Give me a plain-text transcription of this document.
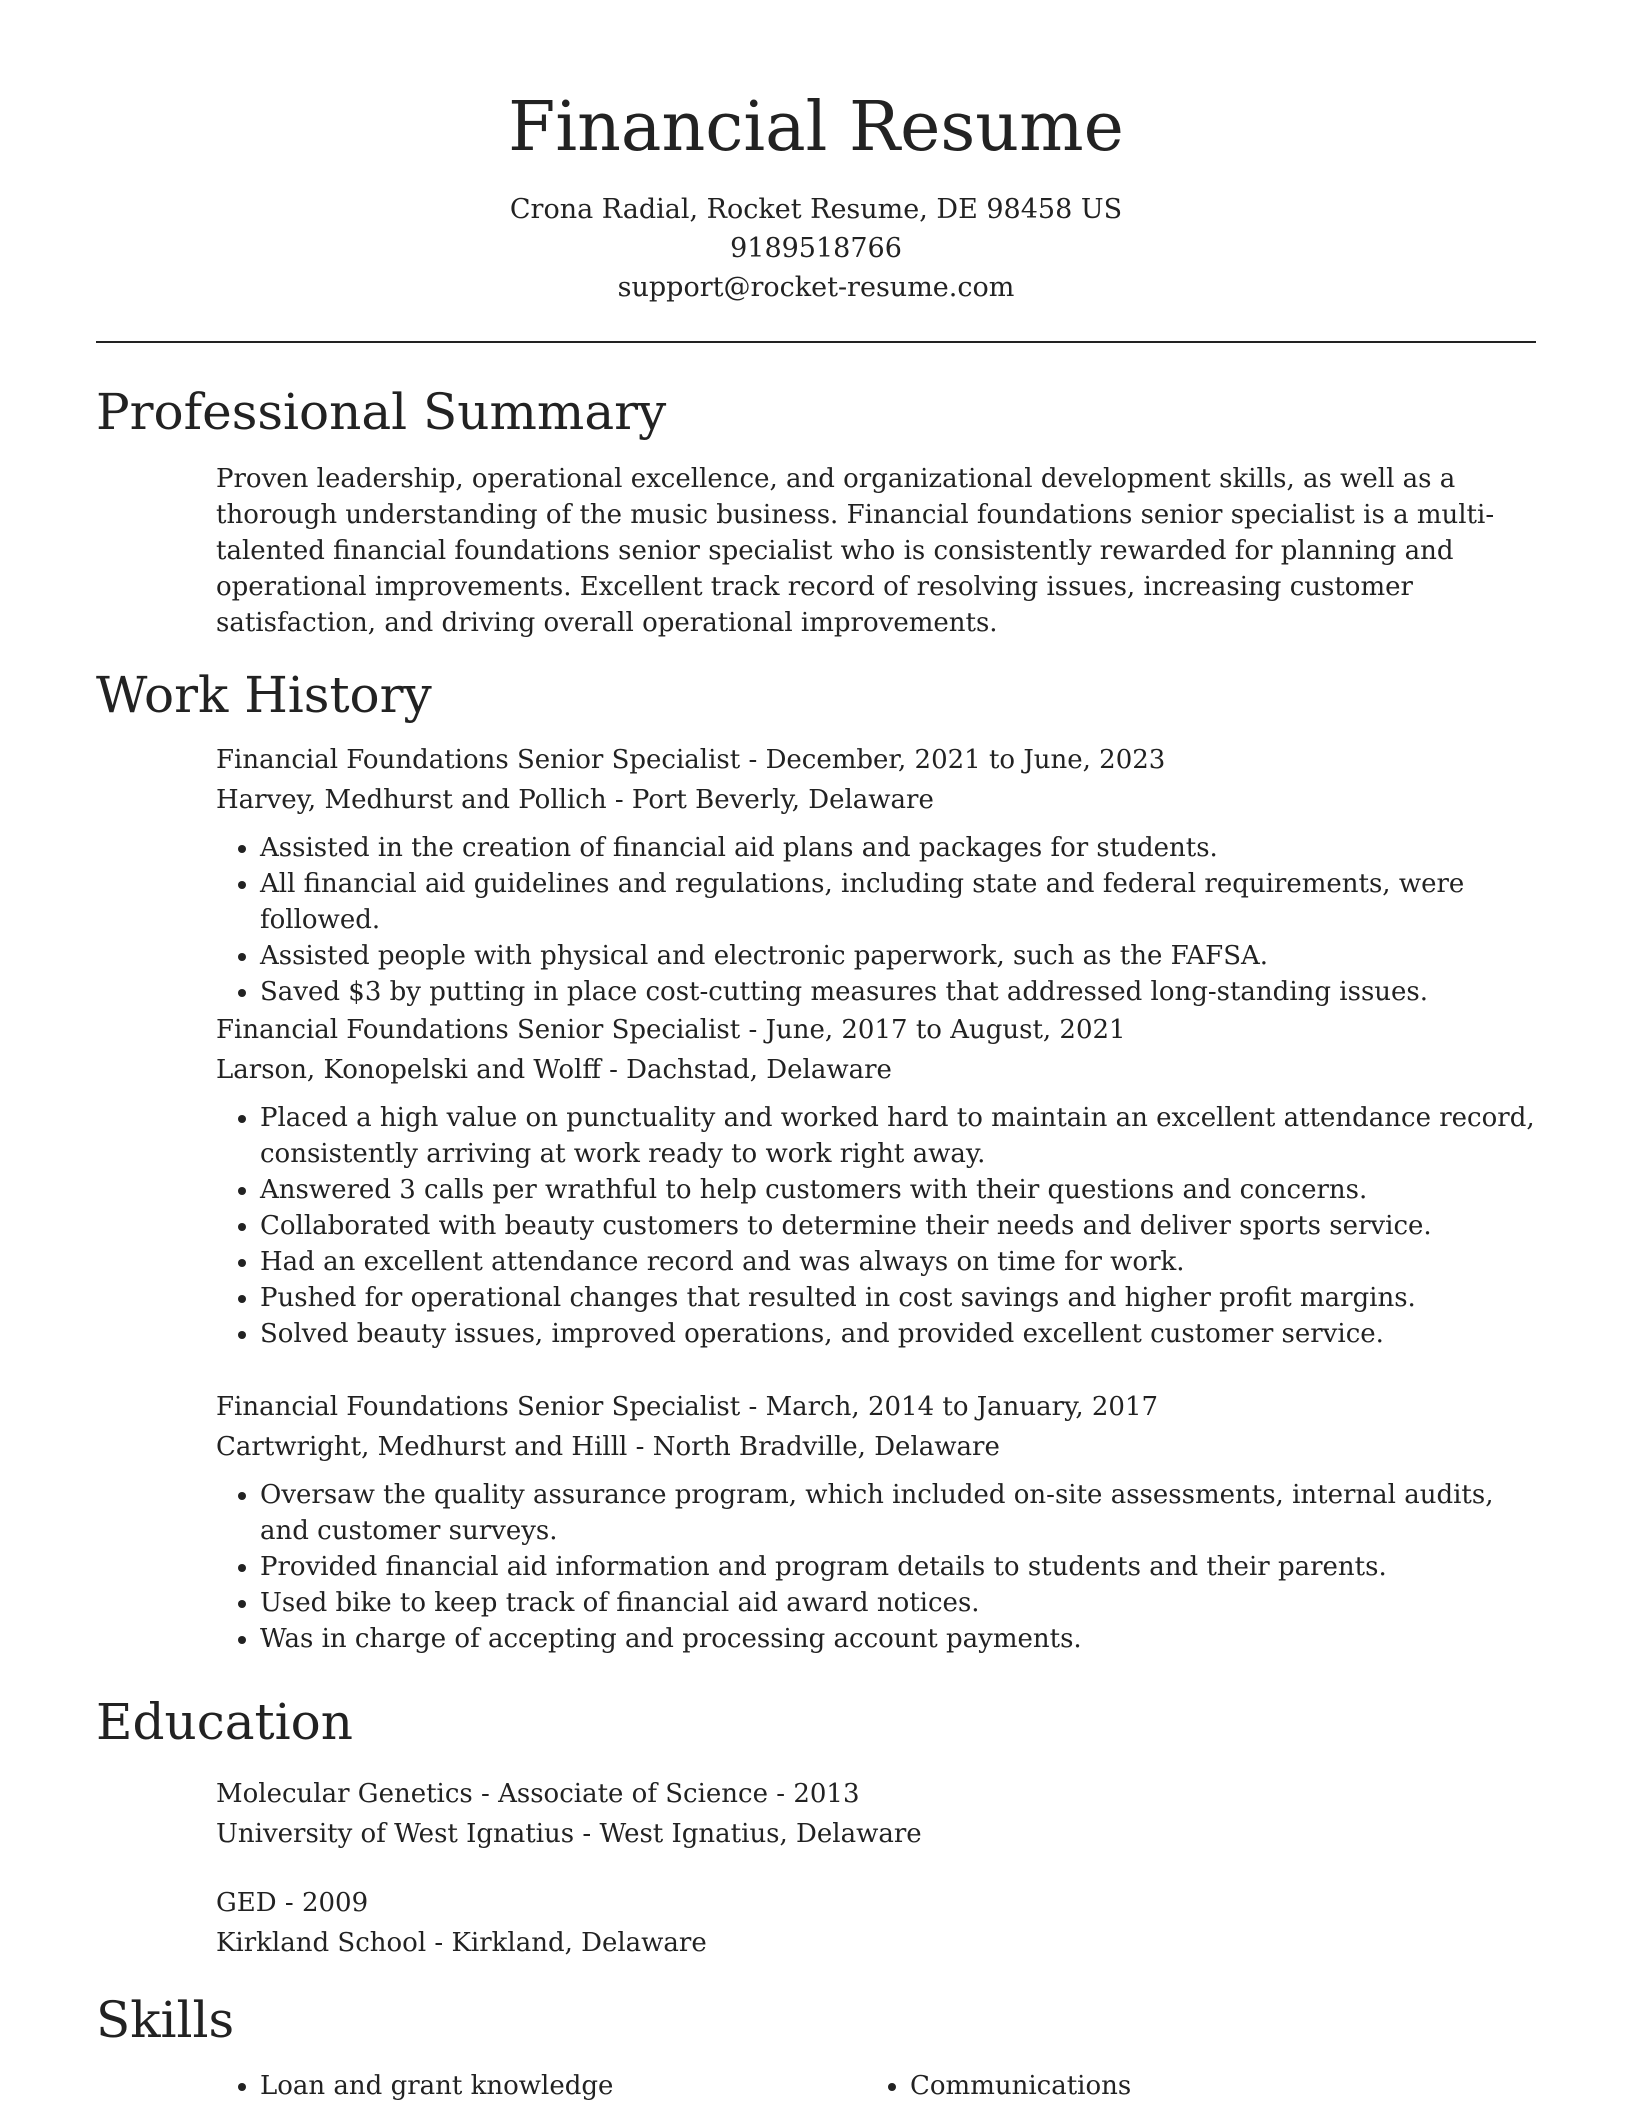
Financial Resume
Crona Radial, Rocket Resume, DE 98458 US
9189518766
support@rocket-resume.com
Professional Summary
Proven leadership, operational excellence, and organizational development skills, as well as a thorough understanding of the music business. Financial foundations senior specialist is a multi-talented financial foundations senior specialist who is consistently rewarded for planning and operational improvements. Excellent track record of resolving issues, increasing customer satisfaction, and driving overall operational improvements.
Work History
Financial Foundations Senior Specialist - December, 2021 to June, 2023
Harvey, Medhurst and Pollich - Port Beverly, Delaware
• Assisted in the creation of financial aid plans and packages for students.
• All financial aid guidelines and regulations, including state and federal requirements, were followed.
• Assisted people with physical and electronic paperwork, such as the FAFSA.
• Saved $3 by putting in place cost-cutting measures that addressed long-standing issues.
Financial Foundations Senior Specialist - June, 2017 to August, 2021
Larson, Konopelski and Wolff - Dachstad, Delaware
• Placed a high value on punctuality and worked hard to maintain an excellent attendance record, consistently arriving at work ready to work right away.
• Answered 3 calls per wrathful to help customers with their questions and concerns.
• Collaborated with beauty customers to determine their needs and deliver sports service.
• Had an excellent attendance record and was always on time for work.
• Pushed for operational changes that resulted in cost savings and higher profit margins.
• Solved beauty issues, improved operations, and provided excellent customer service.
Financial Foundations Senior Specialist - March, 2014 to January, 2017
Cartwright, Medhurst and Hilll - North Bradville, Delaware
• Oversaw the quality assurance program, which included on-site assessments, internal audits, and customer surveys.
• Provided financial aid information and program details to students and their parents.
• Used bike to keep track of financial aid award notices.
• Was in charge of accepting and processing account payments.
Education
Molecular Genetics - Associate of Science - 2013
University of West Ignatius - West Ignatius, Delaware
GED - 2009
Kirkland School - Kirkland, Delaware
Skills
• Loan and grant knowledge
•	Communications
